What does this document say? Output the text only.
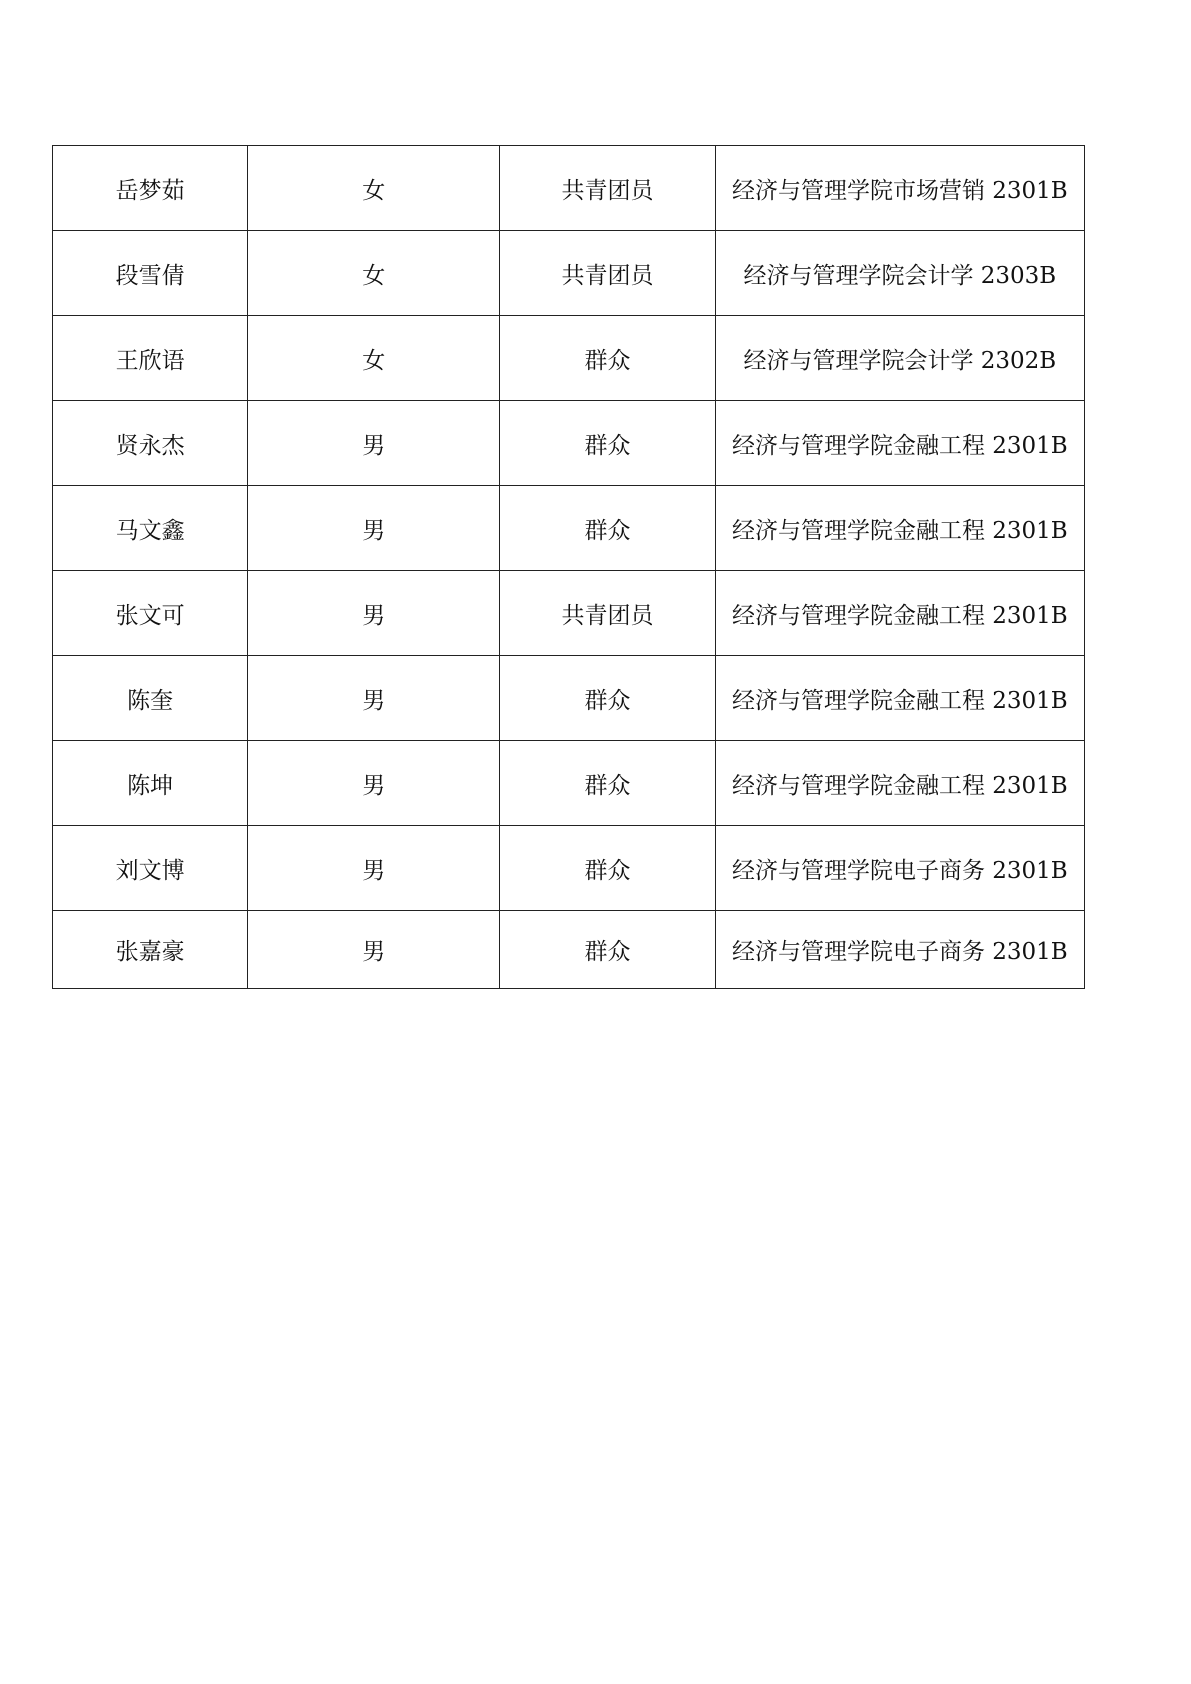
岳梦茹	女	共青团员	经济与管理学院市场营销 2301B
段雪倩	女	共青团员	经济与管理学院会计学 2303B
王欣语	女	群众	经济与管理学院会计学 2302B
贤永杰	男	群众	经济与管理学院金融工程 2301B
马文鑫	男	群众	经济与管理学院金融工程 2301B
张文可	男	共青团员	经济与管理学院金融工程 2301B
陈奎	男	群众	经济与管理学院金融工程 2301B
陈坤	男	群众	经济与管理学院金融工程 2301B
刘文博	男	群众	经济与管理学院电子商务 2301B
张嘉豪	男	群众	经济与管理学院电子商务 2301B
